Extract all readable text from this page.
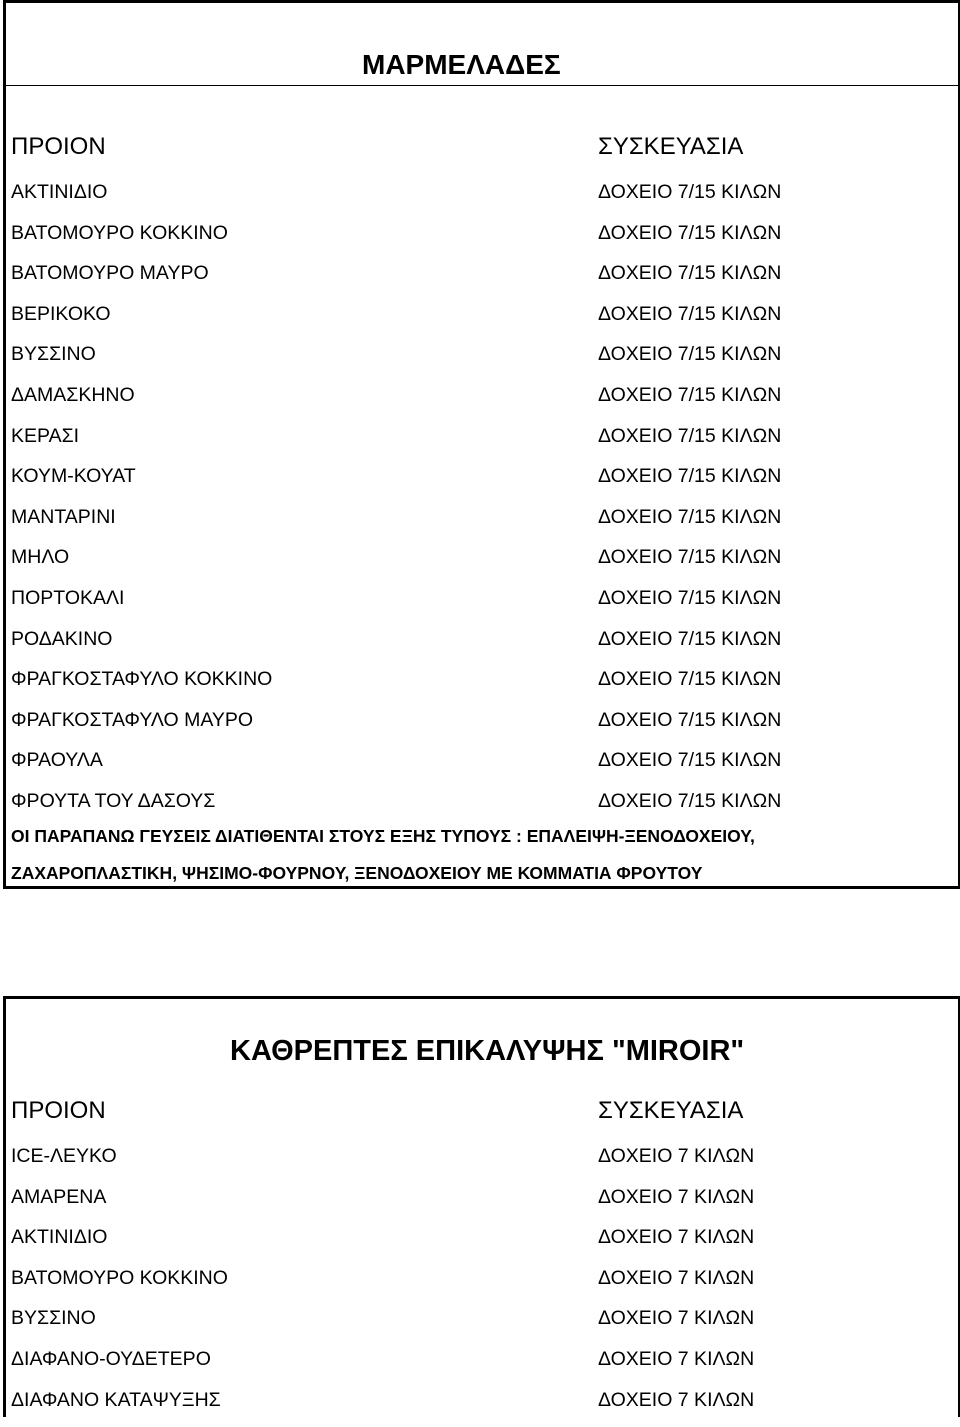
ΜΑΡΜΕΛΑΔΕΣ
ΠΡΟΙΟΝ	ΣΥΣΚΕΥΑΣΙΑ
ΑΚΤΙΝΙΔΙΟ	ΔΟΧΕΙΟ 7/15 ΚΙΛΩΝ
ΒΑΤΟΜΟΥΡΟ ΚΟΚΚΙΝΟ	ΔΟΧΕΙΟ 7/15 ΚΙΛΩΝ
ΒΑΤΟΜΟΥΡΟ ΜΑΥΡΟ	ΔΟΧΕΙΟ 7/15 ΚΙΛΩΝ
ΒΕΡΙΚΟΚΟ	ΔΟΧΕΙΟ 7/15 ΚΙΛΩΝ
ΒΥΣΣΙΝΟ	ΔΟΧΕΙΟ 7/15 ΚΙΛΩΝ
ΔΑΜΑΣΚΗΝΟ	ΔΟΧΕΙΟ 7/15 ΚΙΛΩΝ
ΚΕΡΑΣΙ	ΔΟΧΕΙΟ 7/15 ΚΙΛΩΝ
ΚΟΥΜ-ΚΟΥΑΤ	ΔΟΧΕΙΟ 7/15 ΚΙΛΩΝ
ΜΑΝΤΑΡΙΝΙ	ΔΟΧΕΙΟ 7/15 ΚΙΛΩΝ
ΜΗΛΟ	ΔΟΧΕΙΟ 7/15 ΚΙΛΩΝ
ΠΟΡΤΟΚΑΛΙ	ΔΟΧΕΙΟ 7/15 ΚΙΛΩΝ
ΡΟΔΑΚΙΝΟ	ΔΟΧΕΙΟ 7/15 ΚΙΛΩΝ
ΦΡΑΓΚΟΣΤΑΦΥΛΟ ΚΟΚΚΙΝΟ	ΔΟΧΕΙΟ 7/15 ΚΙΛΩΝ
ΦΡΑΓΚΟΣΤΑΦΥΛΟ ΜΑΥΡΟ	ΔΟΧΕΙΟ 7/15 ΚΙΛΩΝ
ΦΡΑΟΥΛΑ	ΔΟΧΕΙΟ 7/15 ΚΙΛΩΝ
ΦΡΟΥΤΑ ΤΟΥ ΔΑΣΟΥΣ	ΔΟΧΕΙΟ 7/15 ΚΙΛΩΝ
ΟΙ ΠΑΡΑΠΑΝΩ ΓΕΥΣΕΙΣ ΔΙΑΤΙΘΕΝΤΑΙ ΣΤΟΥΣ ΕΞΗΣ ΤΥΠΟΥΣ : ΕΠΑΛΕΙΨΗ-ΞΕΝΟΔΟΧΕΙΟΥ,
ΖΑΧΑΡΟΠΛΑΣΤΙΚΗ, ΨΗΣΙΜΟ-ΦΟΥΡΝΟΥ, ΞΕΝΟΔΟΧΕΙΟΥ ΜΕ ΚΟΜΜΑΤΙΑ ΦΡΟΥΤΟΥ
ΚΑΘΡΕΠΤΕΣ ΕΠΙΚΑΛΥΨΗΣ "MIROIR"
ΠΡΟΙΟΝ	ΣΥΣΚΕΥΑΣΙΑ
ICE-ΛΕΥΚΟ	ΔΟΧΕΙΟ 7 ΚΙΛΩΝ
ΑΜΑΡΕΝΑ	ΔΟΧΕΙΟ 7 ΚΙΛΩΝ
ΑΚΤΙΝΙΔΙΟ	ΔΟΧΕΙΟ 7 ΚΙΛΩΝ
ΒΑΤΟΜΟΥΡΟ ΚΟΚΚΙΝΟ	ΔΟΧΕΙΟ 7 ΚΙΛΩΝ
ΒΥΣΣΙΝΟ	ΔΟΧΕΙΟ 7 ΚΙΛΩΝ
ΔΙΑΦΑΝΟ-ΟΥΔΕΤΕΡΟ	ΔΟΧΕΙΟ 7 ΚΙΛΩΝ
ΔΙΑΦΑΝΟ ΚΑΤΑΨΥΞΗΣ	ΔΟΧΕΙΟ 7 ΚΙΛΩΝ
